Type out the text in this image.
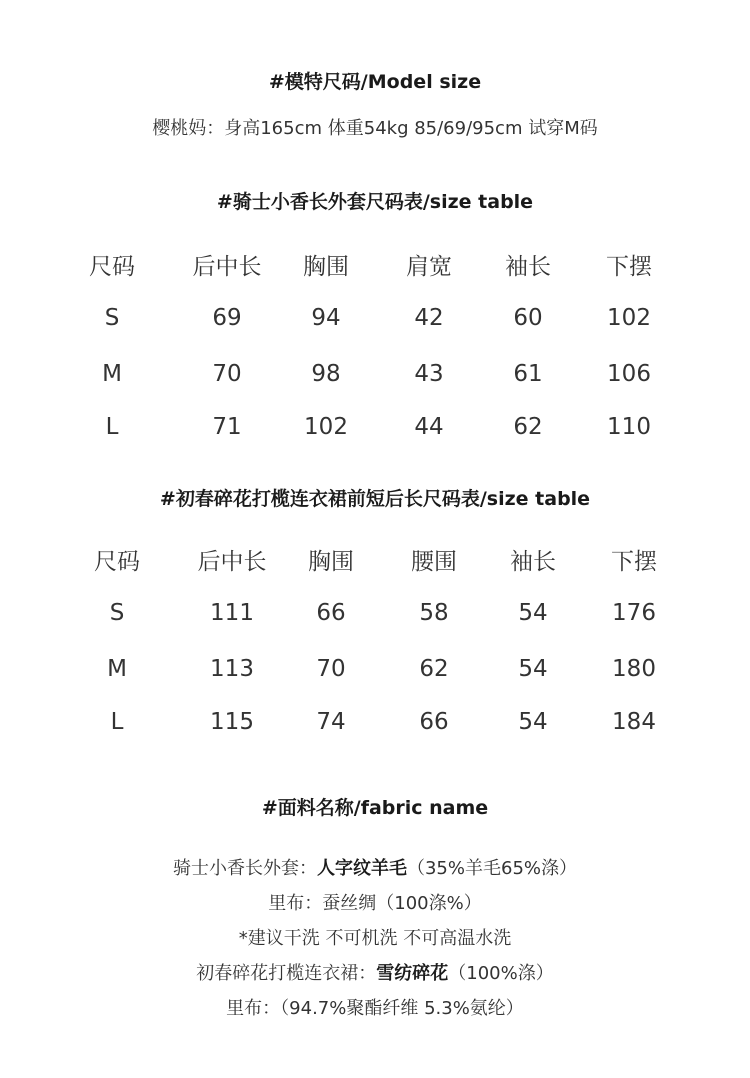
#模特尺码/Model size
樱桃妈：身高165cm 体重54kg 85/69/95cm 试穿M码
#骑士小香长外套尺码表/size table
尺码	后中长	胸围	肩宽	袖长	下摆
S	69	94	42	60	102
M	70	98	43	61	106
L	71	102	44	62	110
#初春碎花打榄连衣裙前短后长尺码表/size table
尺码	后中长	胸围	腰围	袖长	下摆
S	111	66	58	54	176
M	113	70	62	54	180
L	115	74	66	54	184
#面料名称/fabric name
骑士小香长外套：人字纹羊毛（35%羊毛65%涤）
里布：蚕丝绸（100涤%）
*建议干洗 不可机洗 不可高温水洗
初春碎花打榄连衣裙：雪纺碎花（100%涤）
里布：（94.7%聚酯纤维 5.3%氨纶）
